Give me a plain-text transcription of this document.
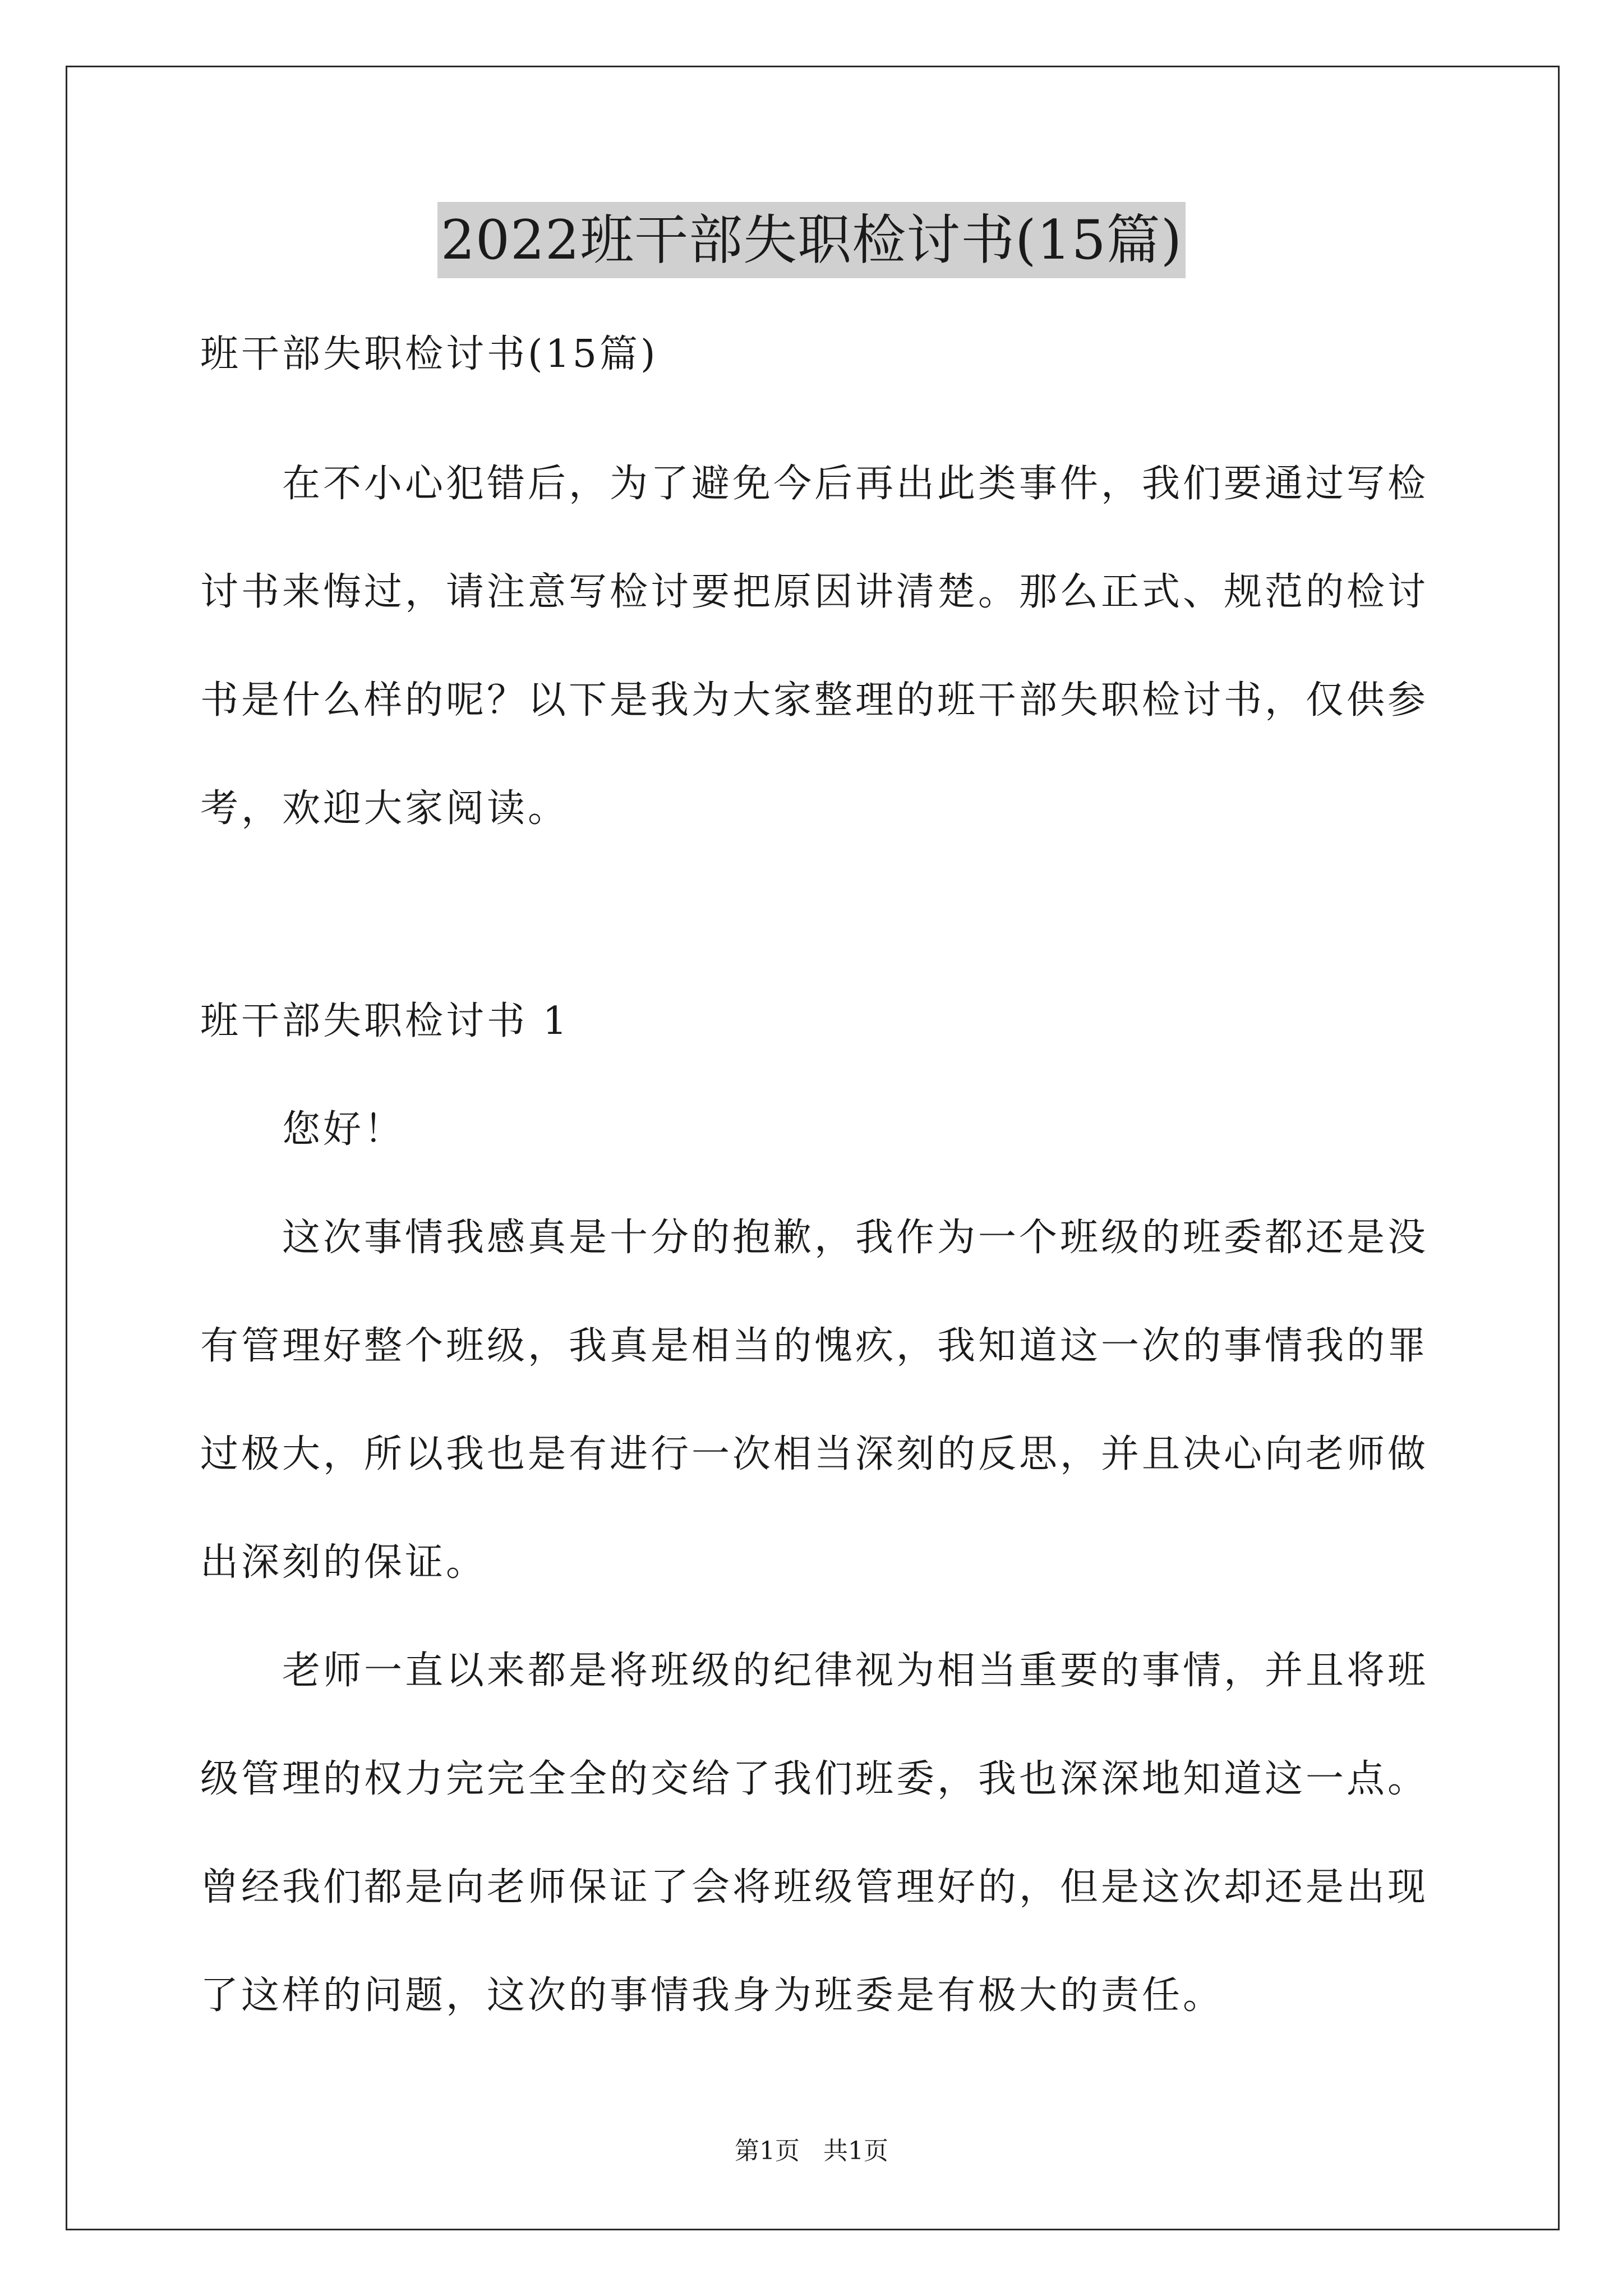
2022班干部失职检讨书(15篇)

班干部失职检讨书(15篇)

在不小心犯错后，为了避免今后再出此类事件，我们要通过写检讨书来悔过，请注意写检讨要把原因讲清楚。那么正式、规范的检讨书是什么样的呢？以下是我为大家整理的班干部失职检讨书，仅供参考，欢迎大家阅读。

班干部失职检讨书 1

您好！

这次事情我感真是十分的抱歉，我作为一个班级的班委都还是没有管理好整个班级，我真是相当的愧疚，我知道这一次的事情我的罪过极大，所以我也是有进行一次相当深刻的反思，并且决心向老师做出深刻的保证。

老师一直以来都是将班级的纪律视为相当重要的事情，并且将班级管理的权力完完全全的交给了我们班委，我也深深地知道这一点。曾经我们都是向老师保证了会将班级管理好的，但是这次却还是出现了这样的问题，这次的事情我身为班委是有极大的责任。

第1页   共1页
